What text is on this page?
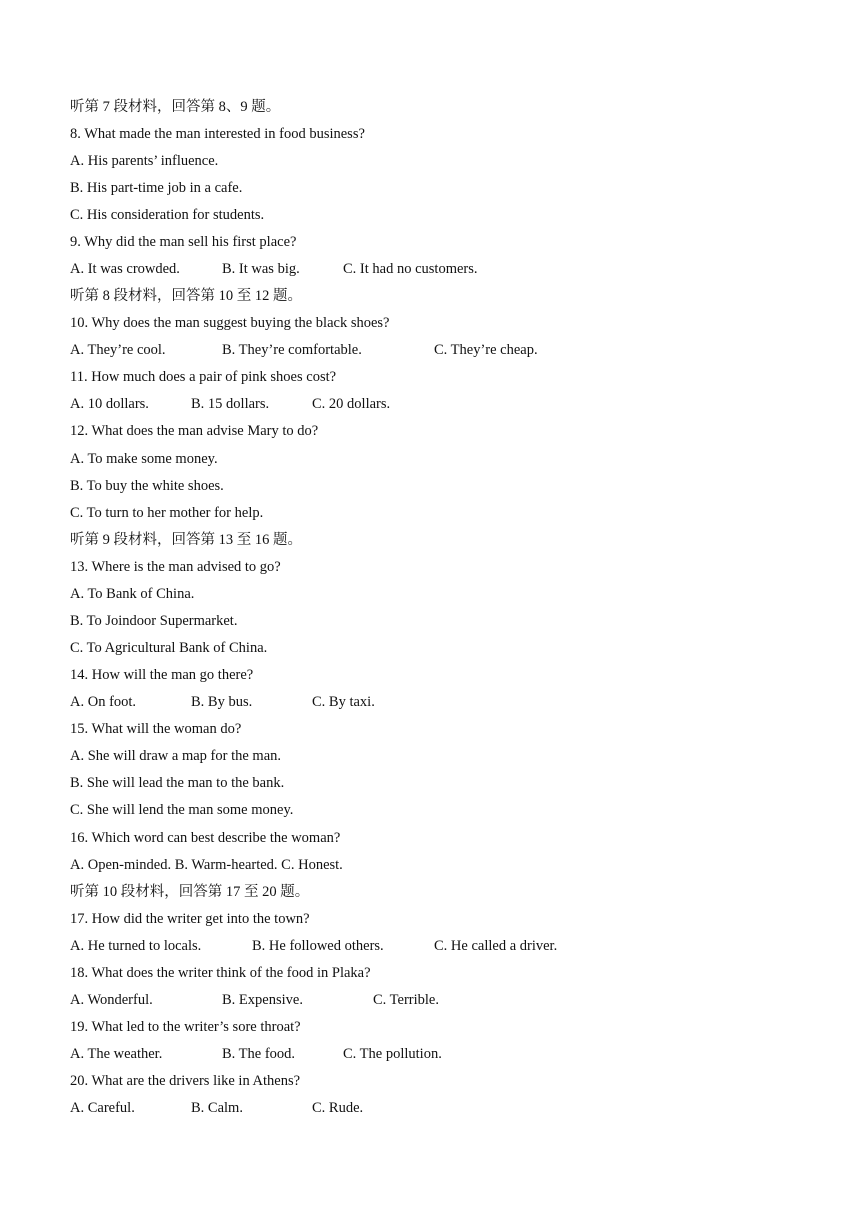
听第 7 段材料，回答第 8、9 题。
8. What made the man interested in food business?
A. His parents’ influence.
B. His part-time job in a cafe.
C. His consideration for students.
9. Why did the man sell his first place?
A. It was crowded.	B. It was big.	C. It had no customers.
听第 8 段材料，回答第 10 至 12 题。
10. Why does the man suggest buying the black shoes?
A. They’re cool.	B. They’re comfortable.	C. They’re cheap.
11. How much does a pair of pink shoes cost?
A. 10 dollars.	B. 15 dollars.	C. 20 dollars.
12. What does the man advise Mary to do?
A. To make some money.
B. To buy the white shoes.
C. To turn to her mother for help.
听第 9 段材料，回答第 13 至 16 题。
13. Where is the man advised to go?
A. To Bank of China.
B. To Joindoor Supermarket.
C. To Agricultural Bank of China.
14. How will the man go there?
A. On foot.	B. By bus.	C. By taxi.
15. What will the woman do?
A. She will draw a map for the man.
B. She will lead the man to the bank.
C. She will lend the man some money.
16. Which word can best describe the woman?
A. Open-minded. B. Warm-hearted. C. Honest.
听第 10 段材料，回答第 17 至 20 题。
17. How did the writer get into the town?
A. He turned to locals.	B. He followed others.	C. He called a driver.
18. What does the writer think of the food in Plaka?
A. Wonderful.	B. Expensive.	C. Terrible.
19. What led to the writer’s sore throat?
A. The weather.	B. The food.	C. The pollution.
20. What are the drivers like in Athens?
A. Careful.	B. Calm.	C. Rude.
